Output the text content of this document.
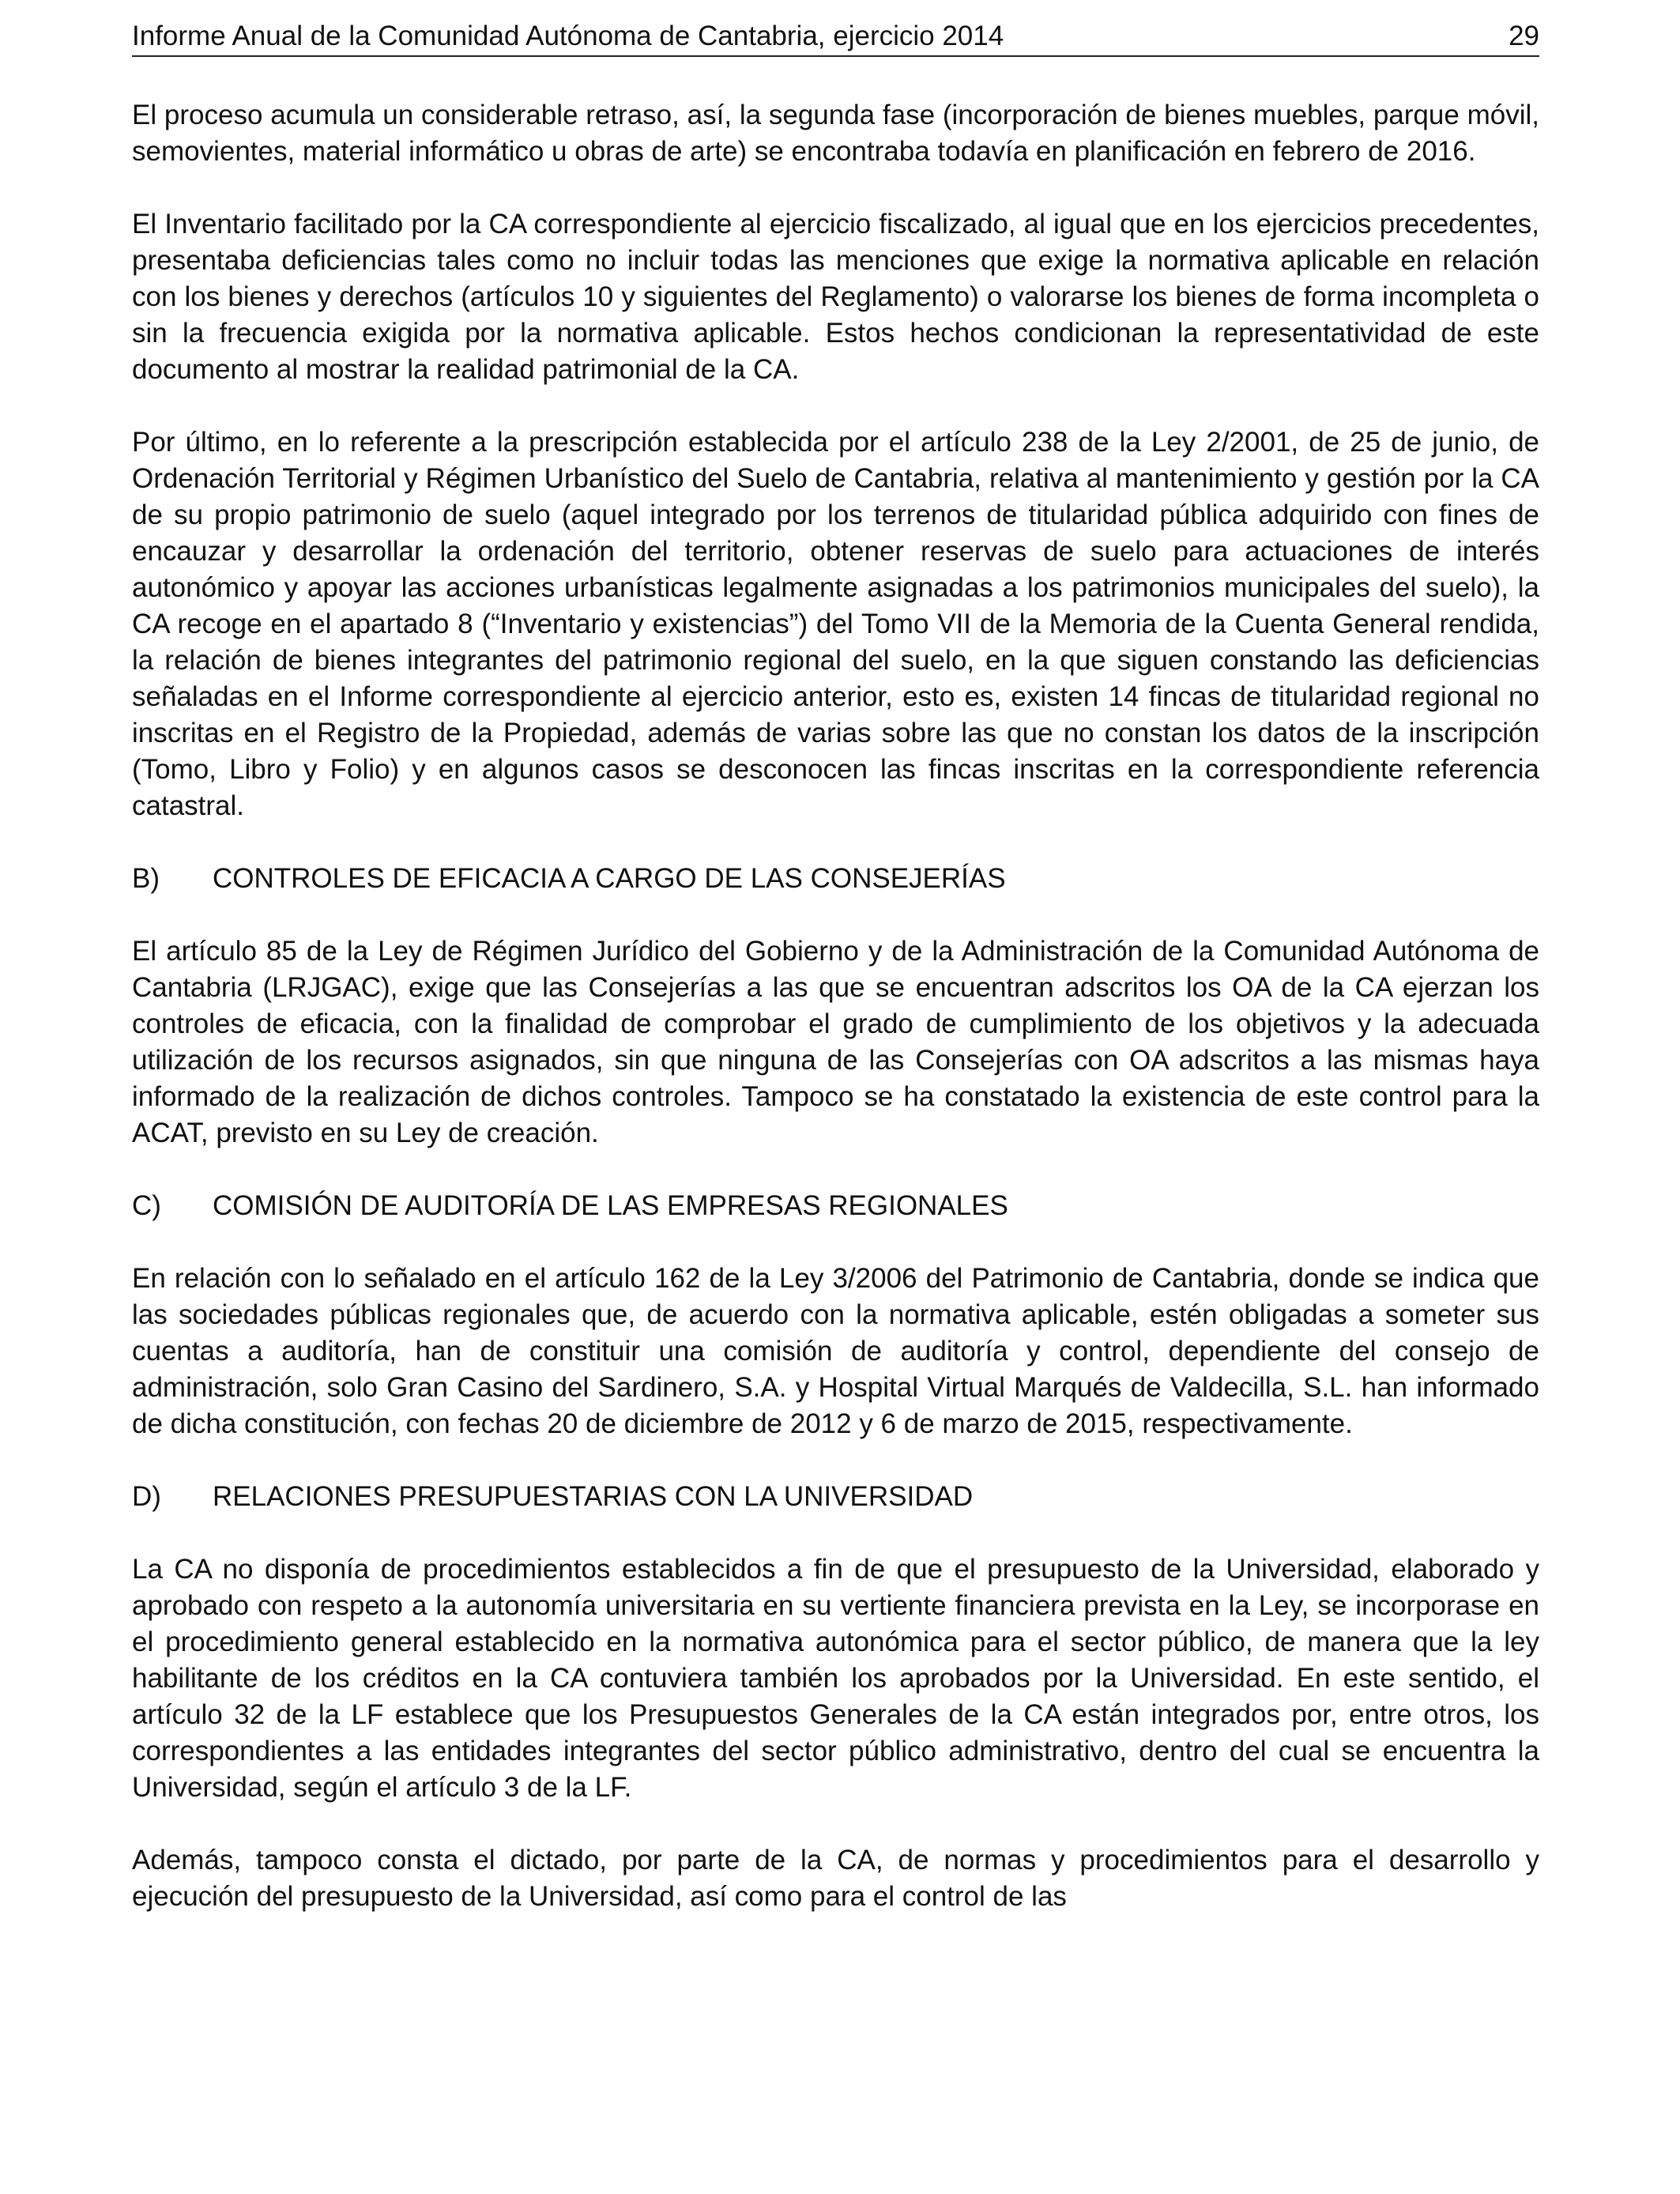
Informe Anual de la Comunidad Autónoma de Cantabria, ejercicio 2014	29

El proceso acumula un considerable retraso, así, la segunda fase (incorporación de bienes muebles, parque móvil, semovientes, material informático u obras de arte) se encontraba todavía en planificación en febrero de 2016.

El Inventario facilitado por la CA correspondiente al ejercicio fiscalizado, al igual que en los ejercicios precedentes, presentaba deficiencias tales como no incluir todas las menciones que exige la normativa aplicable en relación con los bienes y derechos (artículos 10 y siguientes del Reglamento) o valorarse los bienes de forma incompleta o sin la frecuencia exigida por la normativa aplicable. Estos hechos condicionan la representatividad de este documento al mostrar la realidad patrimonial de la CA.

Por último, en lo referente a la prescripción establecida por el artículo 238 de la Ley 2/2001, de 25 de junio, de Ordenación Territorial y Régimen Urbanístico del Suelo de Cantabria, relativa al mantenimiento y gestión por la CA de su propio patrimonio de suelo (aquel integrado por los terrenos de titularidad pública adquirido con fines de encauzar y desarrollar la ordenación del territorio, obtener reservas de suelo para actuaciones de interés autonómico y apoyar las acciones urbanísticas legalmente asignadas a los patrimonios municipales del suelo), la CA recoge en el apartado 8 (“Inventario y existencias”) del Tomo VII de la Memoria de la Cuenta General rendida, la relación de bienes integrantes del patrimonio regional del suelo, en la que siguen constando las deficiencias señaladas en el Informe correspondiente al ejercicio anterior, esto es, existen 14 fincas de titularidad regional no inscritas en el Registro de la Propiedad, además de varias sobre las que no constan los datos de la inscripción (Tomo, Libro y Folio) y en algunos casos se desconocen las fincas inscritas en la correspondiente referencia catastral.

B)	CONTROLES DE EFICACIA A CARGO DE LAS CONSEJERÍAS

El artículo 85 de la Ley de Régimen Jurídico del Gobierno y de la Administración de la Comunidad Autónoma de Cantabria (LRJGAC), exige que las Consejerías a las que se encuentran adscritos los OA de la CA ejerzan los controles de eficacia, con la finalidad de comprobar el grado de cumplimiento de los objetivos y la adecuada utilización de los recursos asignados, sin que ninguna de las Consejerías con OA adscritos a las mismas haya informado de la realización de dichos controles. Tampoco se ha constatado la existencia de este control para la ACAT, previsto en su Ley de creación.

C)	COMISIÓN DE AUDITORÍA DE LAS EMPRESAS REGIONALES

En relación con lo señalado en el artículo 162 de la Ley 3/2006 del Patrimonio de Cantabria, donde se indica que las sociedades públicas regionales que, de acuerdo con la normativa aplicable, estén obligadas a someter sus cuentas a auditoría, han de constituir una comisión de auditoría y control, dependiente del consejo de administración, solo Gran Casino del Sardinero, S.A. y Hospital Virtual Marqués de Valdecilla, S.L. han informado de dicha constitución, con fechas 20 de diciembre de 2012 y 6 de marzo de 2015, respectivamente.

D)	RELACIONES PRESUPUESTARIAS CON LA UNIVERSIDAD

La CA no disponía de procedimientos establecidos a fin de que el presupuesto de la Universidad, elaborado y aprobado con respeto a la autonomía universitaria en su vertiente financiera prevista en la Ley, se incorporase en el procedimiento general establecido en la normativa autonómica para el sector público, de manera que la ley habilitante de los créditos en la CA contuviera también los aprobados por la Universidad. En este sentido, el artículo 32 de la LF establece que los Presupuestos Generales de la CA están integrados por, entre otros, los correspondientes a las entidades integrantes del sector público administrativo, dentro del cual se encuentra la Universidad, según el artículo 3 de la LF.

Además, tampoco consta el dictado, por parte de la CA, de normas y procedimientos para el desarrollo y ejecución del presupuesto de la Universidad, así como para el control de las
